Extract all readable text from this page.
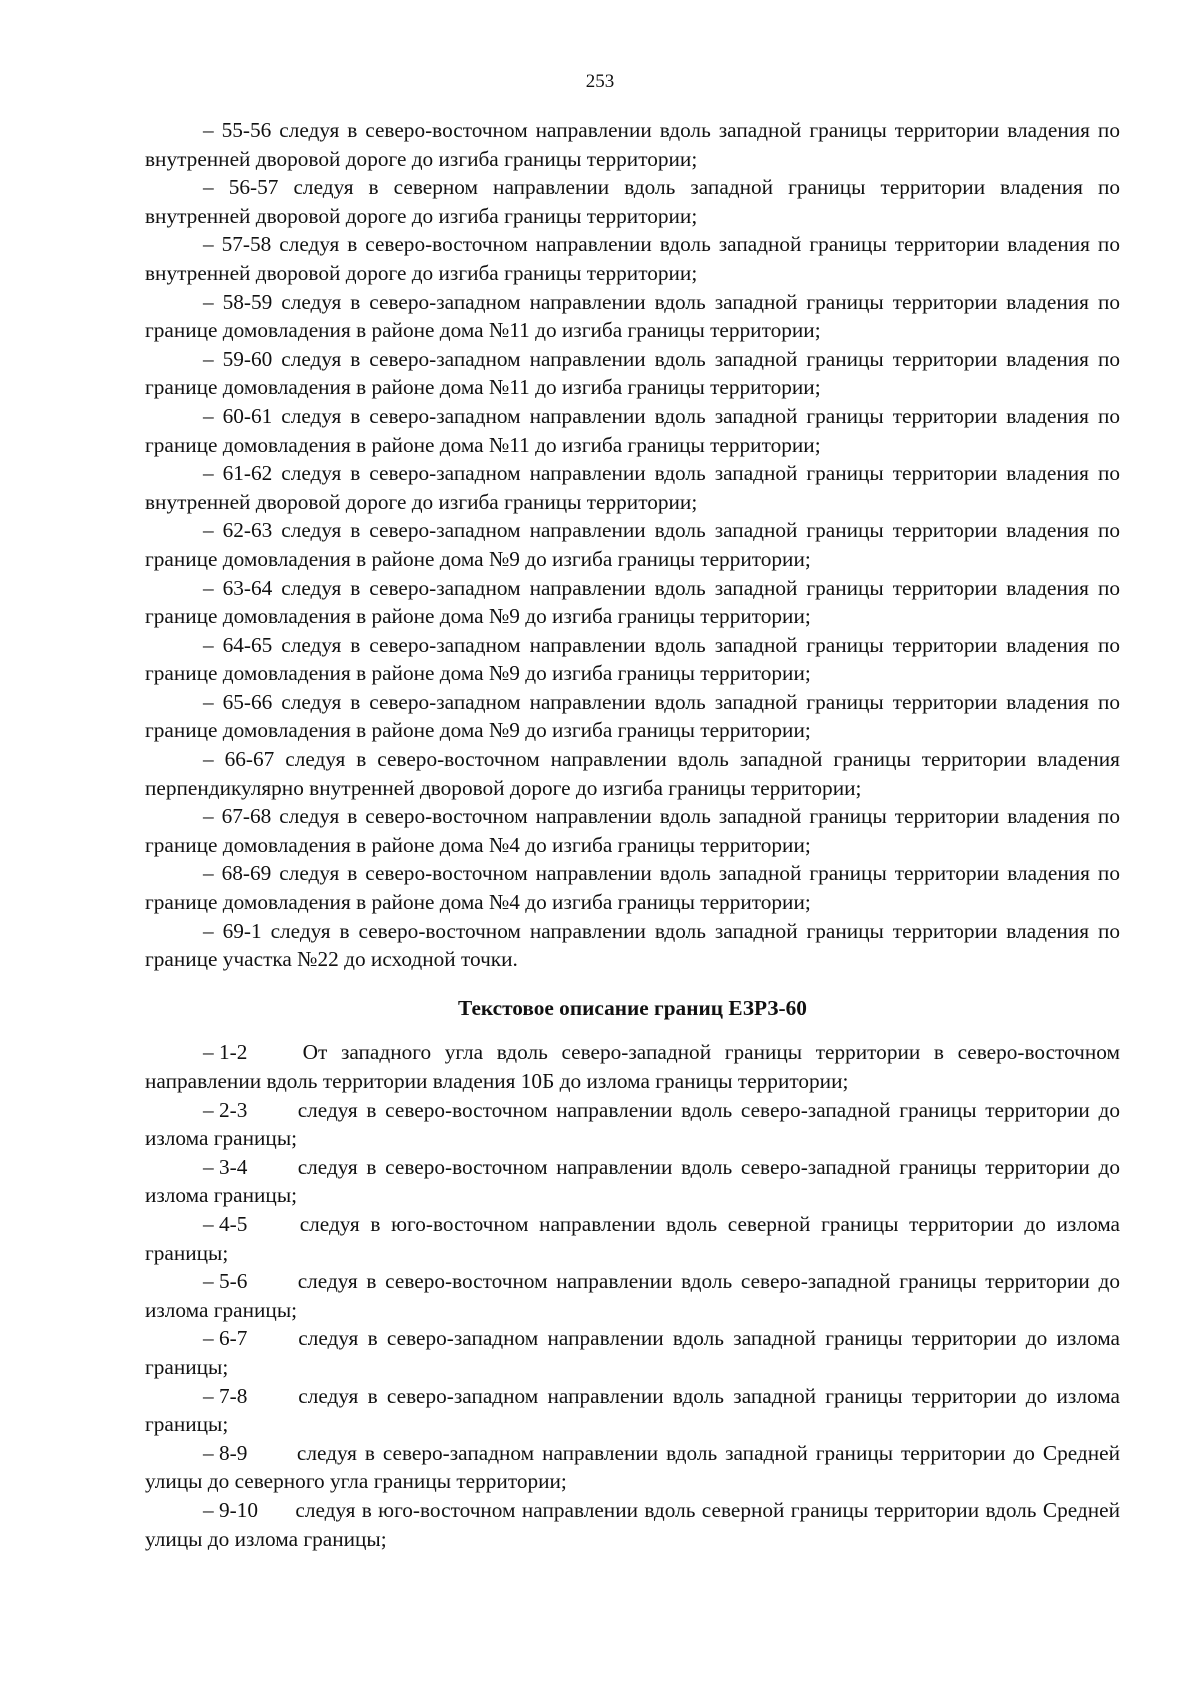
253

– 55-56 следуя в северо-восточном направлении вдоль западной границы территории владения по внутренней дворовой дороге до изгиба границы территории;

– 56-57 следуя в северном направлении вдоль западной границы территории владения по внутренней дворовой дороге до изгиба границы территории;

– 57-58 следуя в северо-восточном направлении вдоль западной границы территории владения по внутренней дворовой дороге до изгиба границы территории;

– 58-59 следуя в северо-западном направлении вдоль западной границы территории владения по границе домовладения в районе дома №11 до изгиба границы территории;

– 59-60 следуя в северо-западном направлении вдоль западной границы территории владения по границе домовладения в районе дома №11 до изгиба границы территории;

– 60-61 следуя в северо-западном направлении вдоль западной границы территории владения по границе домовладения в районе дома №11 до изгиба границы территории;

– 61-62 следуя в северо-западном направлении вдоль западной границы территории владения по внутренней дворовой дороге до изгиба границы территории;

– 62-63 следуя в северо-западном направлении вдоль западной границы территории владения по границе домовладения в районе дома №9 до изгиба границы территории;

– 63-64 следуя в северо-западном направлении вдоль западной границы территории владения по границе домовладения в районе дома №9 до изгиба границы территории;

– 64-65 следуя в северо-западном направлении вдоль западной границы территории владения по границе домовладения в районе дома №9 до изгиба границы территории;

– 65-66 следуя в северо-западном направлении вдоль западной границы территории владения по границе домовладения в районе дома №9 до изгиба границы территории;

– 66-67 следуя в северо-восточном направлении вдоль западной границы территории владения перпендикулярно внутренней дворовой дороге до изгиба границы территории;

– 67-68 следуя в северо-восточном направлении вдоль западной границы территории владения по границе домовладения в районе дома №4 до изгиба границы территории;

– 68-69 следуя в северо-восточном направлении вдоль западной границы территории владения по границе домовладения в районе дома №4 до изгиба границы территории;

– 69-1 следуя в северо-восточном направлении вдоль западной границы территории владения по границе участка №22 до исходной точки.

Текстовое описание границ ЕЗРЗ-60

– 1-2	От западного угла вдоль северо-западной границы территории в северо-восточном направлении вдоль территории владения 10Б до излома границы территории;

– 2-3 следуя в северо-восточном направлении вдоль северо-западной границы территории до излома границы;

– 3-4 следуя в северо-восточном направлении вдоль северо-западной границы территории до излома границы;

– 4-5 следуя в юго-восточном направлении вдоль северной границы территории до излома границы;

– 5-6 следуя в северо-восточном направлении вдоль северо-западной границы территории до излома границы;

– 6-7 следуя в северо-западном направлении вдоль западной границы территории до излома границы;

– 7-8 следуя в северо-западном направлении вдоль западной границы территории до излома границы;

– 8-9 следуя в северо-западном направлении вдоль западной границы территории до Средней улицы до северного угла границы территории;

– 9-10 следуя в юго-восточном направлении вдоль северной границы территории вдоль Средней улицы до излома границы;
